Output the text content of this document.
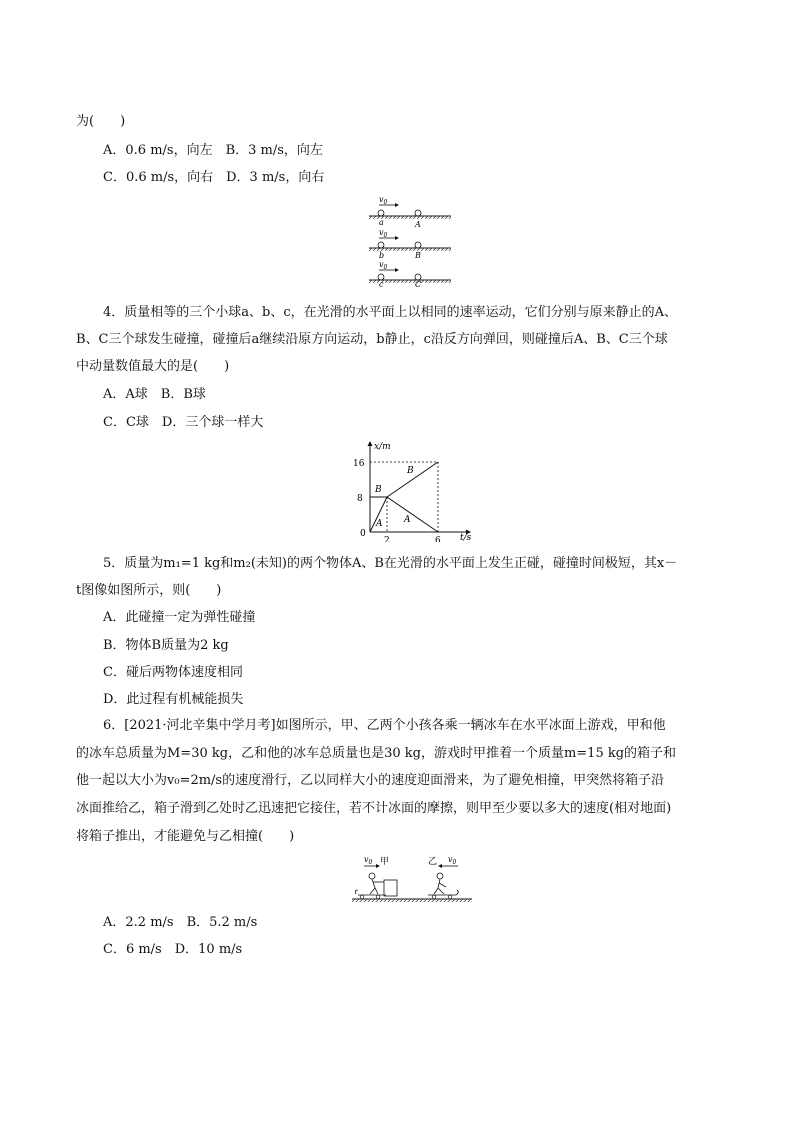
为(　　)
A．0.6 m/s，向左　B．3 m/s，向左
C．0.6 m/s，向右　D．3 m/s，向右
$v_0$
a	A
$v_0$
b	B
$v_0$
c	C
4．质量相等的三个小球a、b、c，在光滑的水平面上以相同的速率运动，它们分别与原来静止的A、
B、C三个球发生碰撞，碰撞后a继续沿原方向运动，b静止，c沿反方向弹回，则碰撞后A、B、C三个球
中动量数值最大的是(　　)
A．A球　B．B球
C．C球　D．三个球一样大
x/m
t/s
0
8
16
2	6
B
B
A A
5．质量为m₁=1 kg和m₂(未知)的两个物体A、B在光滑的水平面上发生正碰，碰撞时间极短，其x－
t图像如图所示，则(　　)
A．此碰撞一定为弹性碰撞
B．物体B质量为2 kg
C．碰后两物体速度相同
D．此过程有机械能损失
6．[2021·河北辛集中学月考]如图所示，甲、乙两个小孩各乘一辆冰车在水平冰面上游戏，甲和他
的冰车总质量为M=30 kg，乙和他的冰车总质量也是30 kg，游戏时甲推着一个质量m=15 kg的箱子和
他一起以大小为v₀=2m/s的速度滑行，乙以同样大小的速度迎面滑来，为了避免相撞，甲突然将箱子沿
冰面推给乙，箱子滑到乙处时乙迅速把它接住，若不计冰面的摩擦，则甲至少要以多大的速度(相对地面)
将箱子推出，才能避免与乙相撞(　　)
$v_0$ 甲	乙 $v_0$
A．2.2 m/s　B．5.2 m/s
C．6 m/s　D．10 m/s
